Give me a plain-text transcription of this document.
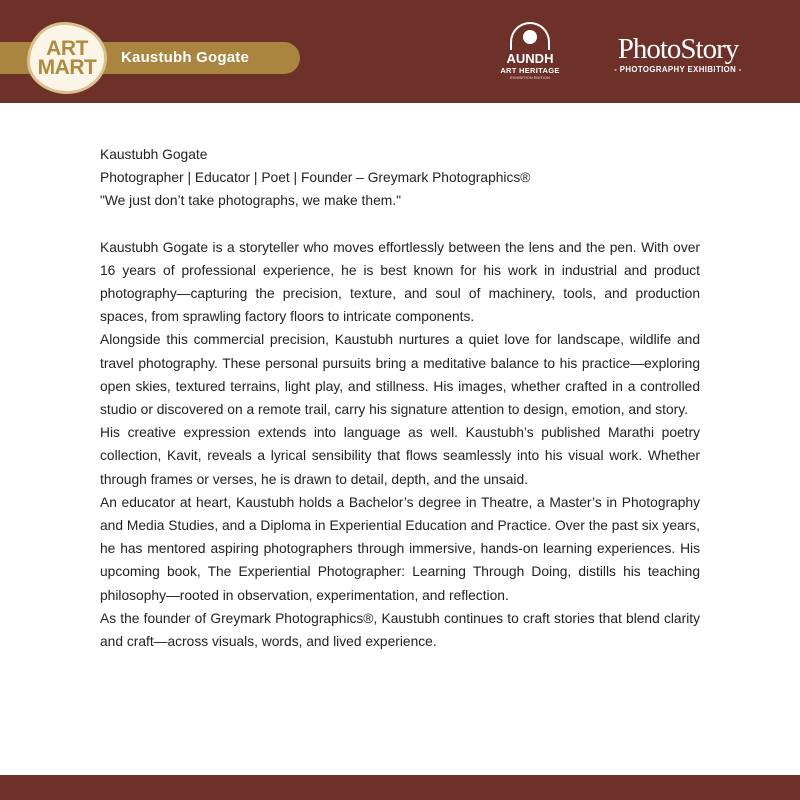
Kaustubh Gogate
ART
MART	AUNDH
ART HERITAGE
EXHIBITION EDITION
PhotoStory
- PHOTOGRAPHY EXHIBITION -
Kaustubh Gogate
Photographer | Educator | Poet | Founder – Greymark Photographics®
"We just don’t take photographs, we make them."

Kaustubh Gogate is a storyteller who moves effortlessly between the lens and the pen. With over 16 years of professional experience, he is best known for his work in industrial and product photography—capturing the precision, texture, and soul of machinery, tools, and production spaces, from sprawling factory floors to intricate components.

Alongside this commercial precision, Kaustubh nurtures a quiet love for landscape, wildlife and travel photography. These personal pursuits bring a meditative balance to his practice—exploring open skies, textured terrains, light play, and stillness. His images, whether crafted in a controlled studio or discovered on a remote trail, carry his signature attention to design, emotion, and story.

His creative expression extends into language as well. Kaustubh’s published Marathi poetry collection, Kavit, reveals a lyrical sensibility that flows seamlessly into his visual work. Whether through frames or verses, he is drawn to detail, depth, and the unsaid.

An educator at heart, Kaustubh holds a Bachelor’s degree in Theatre, a Master’s in Photography and Media Studies, and a Diploma in Experiential Education and Practice. Over the past six years, he has mentored aspiring photographers through immersive, hands-on learning experiences. His upcoming book, The Experiential Photographer: Learning Through Doing, distills his teaching philosophy—rooted in observation, experimentation, and reflection.

As the founder of Greymark Photographics®, Kaustubh continues to craft stories that blend clarity and craft—across visuals, words, and lived experience.
